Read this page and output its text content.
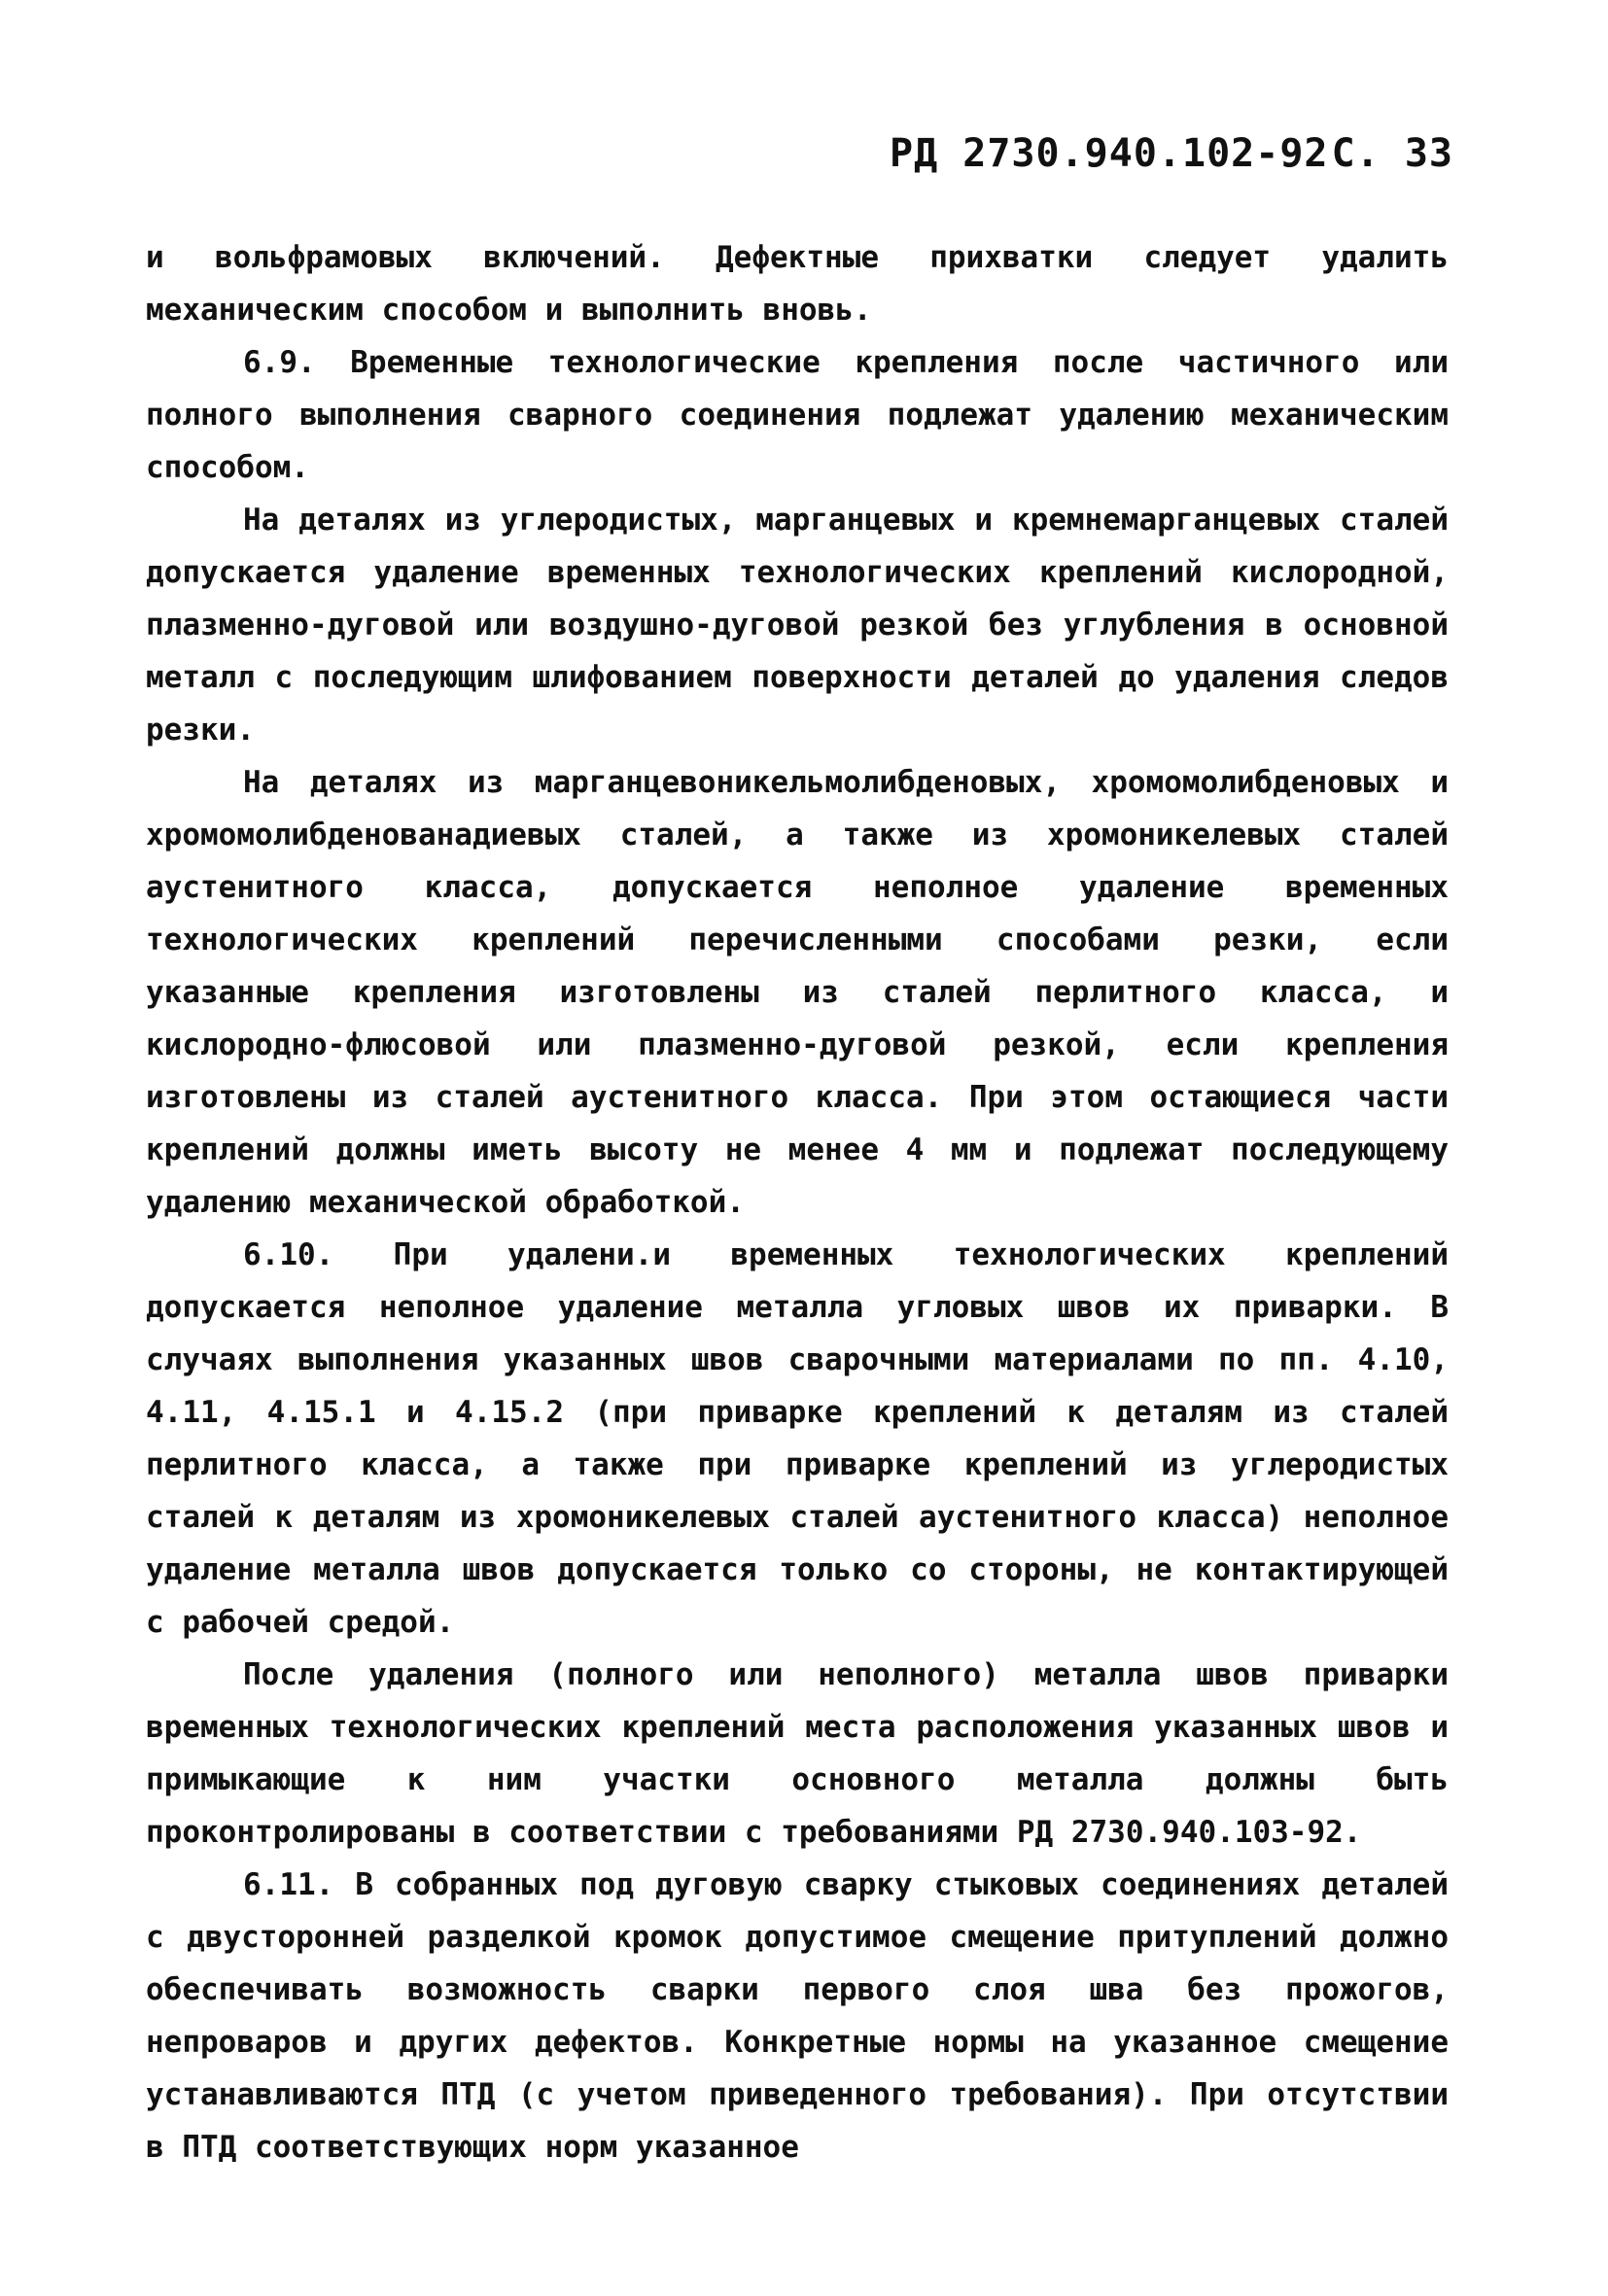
РД 2730.940.102-92 С. 33

и вольфрамовых включений. Дефектные прихватки следует удалить механическим способом и выполнить вновь.

6.9. Временные технологические крепления после частичного или полного выполнения сварного соединения подлежат удалению механическим способом.

На деталях из углеродистых, марганцевых и кремнемарганцевых сталей допускается удаление временных технологических креплений кислородной, плазменно-дуговой или воздушно-дуговой резкой без углубления в основной металл с последующим шлифованием поверхности деталей до удаления следов резки.

На деталях из марганцевоникельмолибденовых, хромомолибденовых и хромомолибденованадиевых сталей, а также из хромоникелевых сталей аустенитного класса, допускается неполное удаление временных технологических креплений перечисленными способами резки, если указанные крепления изготовлены из сталей перлитного класса, и кислородно-флюсовой или плазменно-дуговой резкой, если крепления изготовлены из сталей аустенитного класса. При этом остающиеся части креплений должны иметь высоту не менее 4 мм и подлежат последующему удалению механической обработкой.

6.10. При удалени.и временных технологических креплений допускается неполное удаление металла угловых швов их приварки. В случаях выполнения указанных швов сварочными материалами по пп. 4.10, 4.11, 4.15.1 и 4.15.2 (при приварке креплений к деталям из сталей перлитного класса, а также при приварке креплений из углеродистых сталей к деталям из хромоникелевых сталей аустенитного класса) неполное удаление металла швов допускается только со стороны, не контактирующей с рабочей средой.

После удаления (полного или неполного) металла швов приварки временных технологических креплений места расположения указанных швов и примыкающие к ним участки основного металла должны быть проконтролированы в соответствии с требованиями РД 2730.940.103-92.

6.11. В собранных под дуговую сварку стыковых соединениях деталей с двусторонней разделкой кромок допустимое смещение притуплений должно обеспечивать возможность сварки первого слоя шва без прожогов, непроваров и других дефектов. Конкретные нормы на указанное смещение устанавливаются ПТД (с учетом приведенного требования). При отсутствии в ПТД соответствующих норм указанное
